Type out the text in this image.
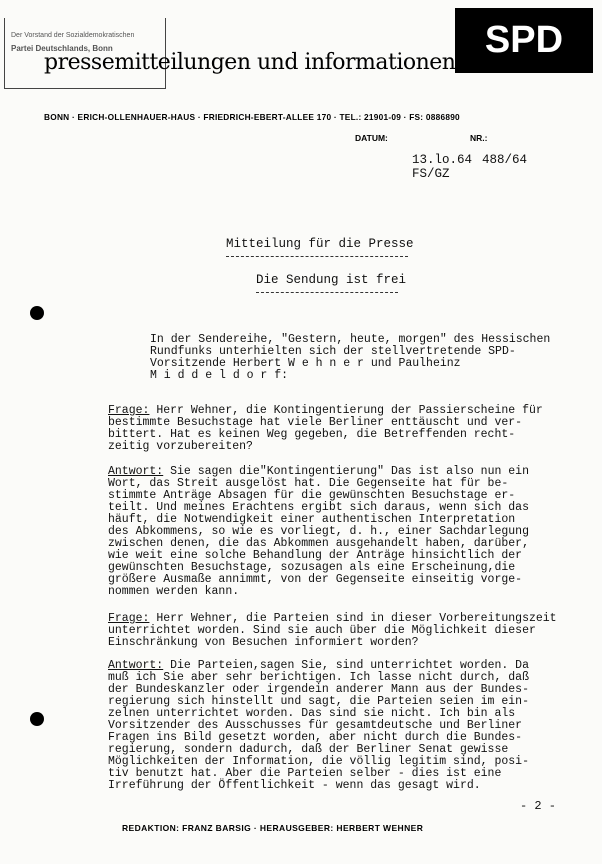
Der Vorstand der Sozialdemokratischen
Partei Deutschlands, Bonn	SPD
pressemitteilungen und informationen
BONN · ERICH-OLLENHAUER-HAUS · FRIEDRICH-EBERT-ALLEE 170 · TEL.: 21901-09 · FS: 0886890
DATUM:	NR.:
13.lo.64 488/64
FS/GZ
Mitteilung für die Presse
Die Sendung ist frei
In der Sendereihe, "Gestern, heute, morgen" des Hessischen
Rundfunks unterhielten sich der stellvertretende SPD-
Vorsitzende Herbert W e h n e r und Paulheinz
M i d d e l d o r f:
Frage: Herr Wehner, die Kontingentierung der Passierscheine für
bestimmte Besuchstage hat viele Berliner enttäuscht und ver-
bittert. Hat es keinen Weg gegeben, die Betreffenden recht-
zeitig vorzubereiten?
Antwort: Sie sagen die"Kontingentierung" Das ist also nun ein
Wort, das Streit ausgelöst hat. Die Gegenseite hat für be-
stimmte Anträge Absagen für die gewünschten Besuchstage er-
teilt. Und meines Erachtens ergibt sich daraus, wenn sich das
häuft, die Notwendigkeit einer authentischen Interpretation
des Abkommens, so wie es vorliegt, d. h., einer Sachdarlegung
zwischen denen, die das Abkommen ausgehandelt haben, darüber,
wie weit eine solche Behandlung der Anträge hinsichtlich der
gewünschten Besuchstage, sozusagen als eine Erscheinung,die
größere Ausmaße annimmt, von der Gegenseite einseitig vorge-
nommen werden kann.
Frage: Herr Wehner, die Parteien sind in dieser Vorbereitungszeit
unterrichtet worden. Sind sie auch über die Möglichkeit dieser
Einschränkung von Besuchen informiert worden?
Antwort: Die Parteien,sagen Sie, sind unterrichtet worden. Da
muß ich Sie aber sehr berichtigen. Ich lasse nicht durch, daß
der Bundeskanzler oder irgendein anderer Mann aus der Bundes-
regierung sich hinstellt und sagt, die Parteien seien im ein-
zelnen unterrichtet worden. Das sind sie nicht. Ich bin als
Vorsitzender des Ausschusses für gesamtdeutsche und Berliner
Fragen ins Bild gesetzt worden, aber nicht durch die Bundes-
regierung, sondern dadurch, daß der Berliner Senat gewisse
Möglichkeiten der Information, die völlig legitim sind, posi-
tiv benutzt hat. Aber die Parteien selber - dies ist eine
Irreführung der Öffentlichkeit - wenn das gesagt wird.
- 2 -
REDAKTION: FRANZ BARSIG · HERAUSGEBER: HERBERT WEHNER
